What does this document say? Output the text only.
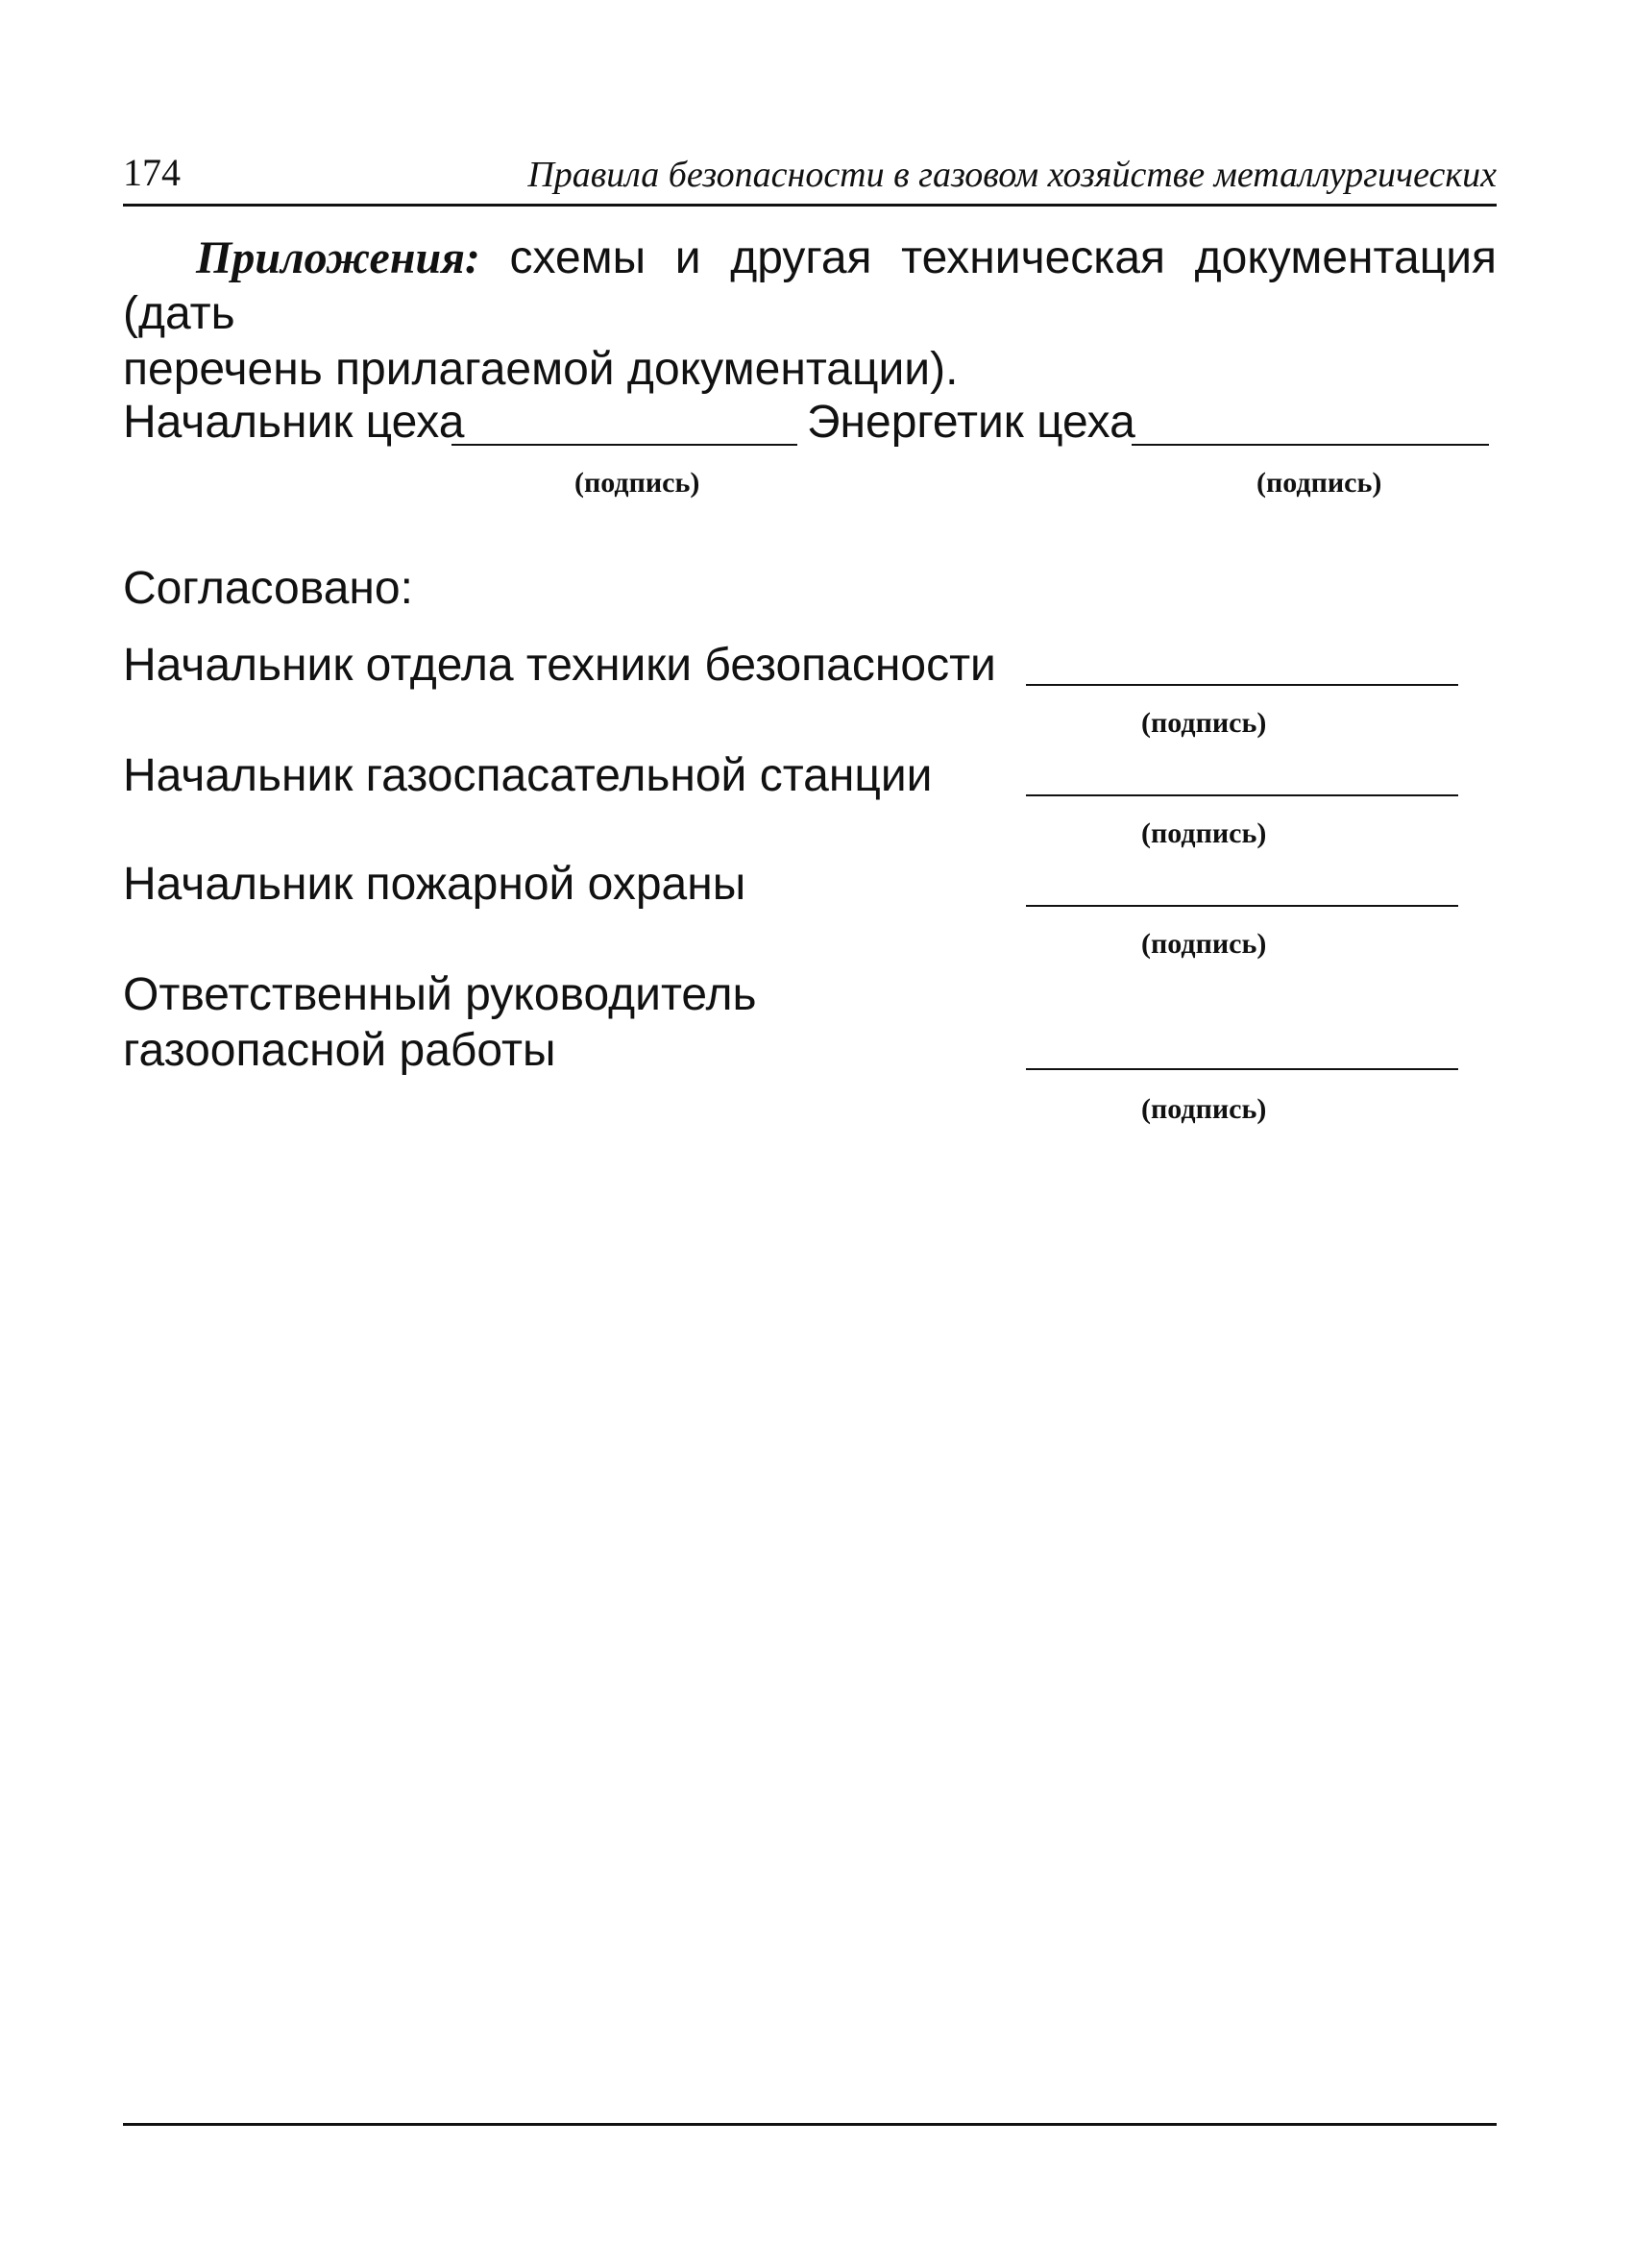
174	Правила безопасности в газовом хозяйстве металлургических
Приложения: схемы и другая техническая документация (дать
перечень прилагаемой документации).
Начальник цеха	Энергетик цеха
(подпись)	(подпись)
Согласовано:
Начальник отдела техники безопасности
(подпись)
Начальник газоспасательной станции
(подпись)
Начальник пожарной охраны
(подпись)
Ответственный руководитель
газоопасной работы
(подпись)
